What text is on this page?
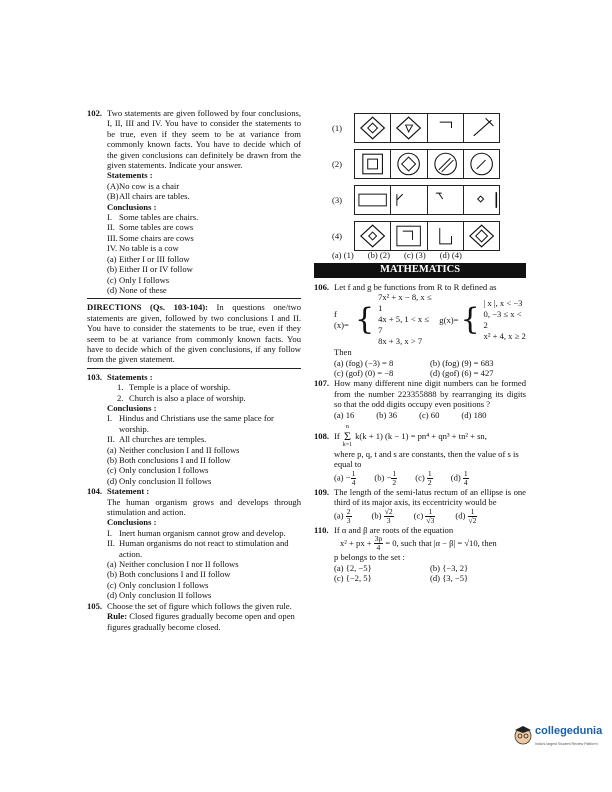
102. Two statements are given followed by four conclusions, I, II, III and IV. You have to consider the statements to be true, even if they seem to be at variance from commonly known facts. You have to decide which of the given conclusions can definitely be drawn from the given statements. Indicate your answer.
Statements :
(A) No cow is a chair
(B) All chairs are tables.
Conclusions :
I. Some tables are chairs.
II. Some tables are cows
III. Some chairs are cows
IV. No table is a cow
(a) Either I or III follow
(b) Either II or IV follow
(c) Only I follows
(d) None of these
DIRECTIONS (Qs. 103-104): In questions one/two statements are given, followed by two conclusions I and II. You have to consider the statements to be true, even if they seem to be at variance from commonly known facts. You have to decide which of the given conclusions, if any follow from the given statement.
103. Statements :
1. Temple is a place of worship.
2. Church is also a place of worship.
Conclusions :
I. Hindus and Christians use the same place for worship.
II. All churches are temples.
(a) Neither conclusion I and II follows
(b) Both conclusions I and II follow
(c) Only conclusion I follows
(d) Only conclusion II follows
104. Statement :
The human organism grows and develops through stimulation and action.
Conclusions :
I. Inert human organism cannot grow and develop.
II. Human organisms do not react to stimulation and action.
(a) Neither conclusion I nor II follows
(b) Both conclusions I and II follow
(c) Only conclusion I follows
(d) Only conclusion II follows
105. Choose the set of figure which follows the given rule.
Rule: Closed figures gradually become open and open figures gradually become closed.
(1)
(2)
(3)
(4)
(a) (1) (b) (2) (c) (3) (d) (4)
MATHEMATICS
106. Let f and g be functions from R to R defined as
f (x)= {
7x² + x − 8, x ≤ 1
4x + 5, 1 < x ≤ 7
8x + 3, x > 7
g(x)= { | x |, x < −3
0, −3 ≤ x < 2
x² + 4, x ≥ 2
Then
(a) (fog) (−3) = 8
(c) (gof) (0) = −8
(b) (fog) (9) = 683
(d) (gof) (6) = 427
107. How many different nine digit numbers can be formed from the number 223355888 by rearranging its digits so that the odd digits occupy even positions ?
(a) 16	(b) 36	(c) 60	(d) 180
108. If
n
Σ
k=1
k(k + 1) (k − 1) = pn⁴ + qn³ + tn² + sn,
where p, q, t and s are constants, then the value of s is equal to
$(a) - \frac{1}{4} (b) - \frac{1}{2} (c) \frac{1}{2} (d) \frac{1}{4}$
109. The length of the semi-latus rectum of an ellipse is one third of its major axis, its eccentricity would be
$(a) \frac{2}{3} (b) \frac{√2}{3} (c) \frac{1}{√3} (d) \frac{1}{√2}$
110. If α and β are roots of the equation
x² + px + $\frac{3p}{4} = 0$, such that |α − β| = √10, then
p belongs to the set :
(a) {2, −5}
(c) {−2, 5}
(b) {−3, 2}
(d) {3, −5}
collegedunia
India's largest Student Review Platform
